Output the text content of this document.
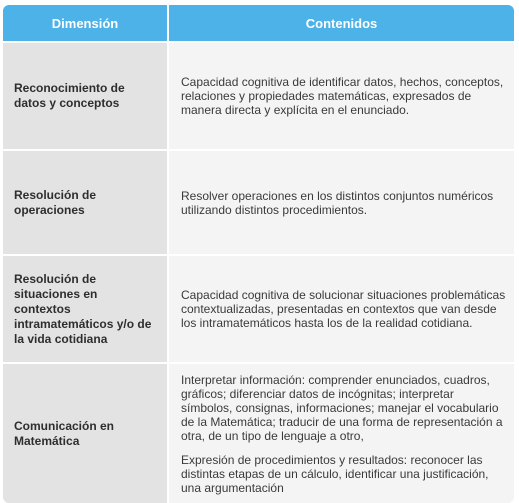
Dimensión	Contenidos
Reconocimiento de datos y conceptos

Capacidad cognitiva de identificar datos, hechos, conceptos, relaciones y propiedades matemáticas, expresados de manera directa y explícita en el enunciado.

Resolución de operaciones

Resolver operaciones en los distintos conjuntos numéricos utilizando distintos procedimientos.

Resolución de situaciones en contextos intramatemáticos y/o de la vida cotidiana

Capacidad cognitiva de solucionar situaciones problemáticas contextualizadas, presentadas en contextos que van desde los intramatemáticos hasta los de la realidad cotidiana.

Comunicación en Matemática

Interpretar información: comprender enunciados, cuadros, gráficos; diferenciar datos de incógnitas; interpretar símbolos, consignas, informaciones; manejar el vocabulario de la Matemática; traducir de una forma de representación a otra, de un tipo de lenguaje a otro,

Expresión de procedimientos y resultados: reconocer las distintas etapas de un cálculo, identificar una justificación, una argumentación
